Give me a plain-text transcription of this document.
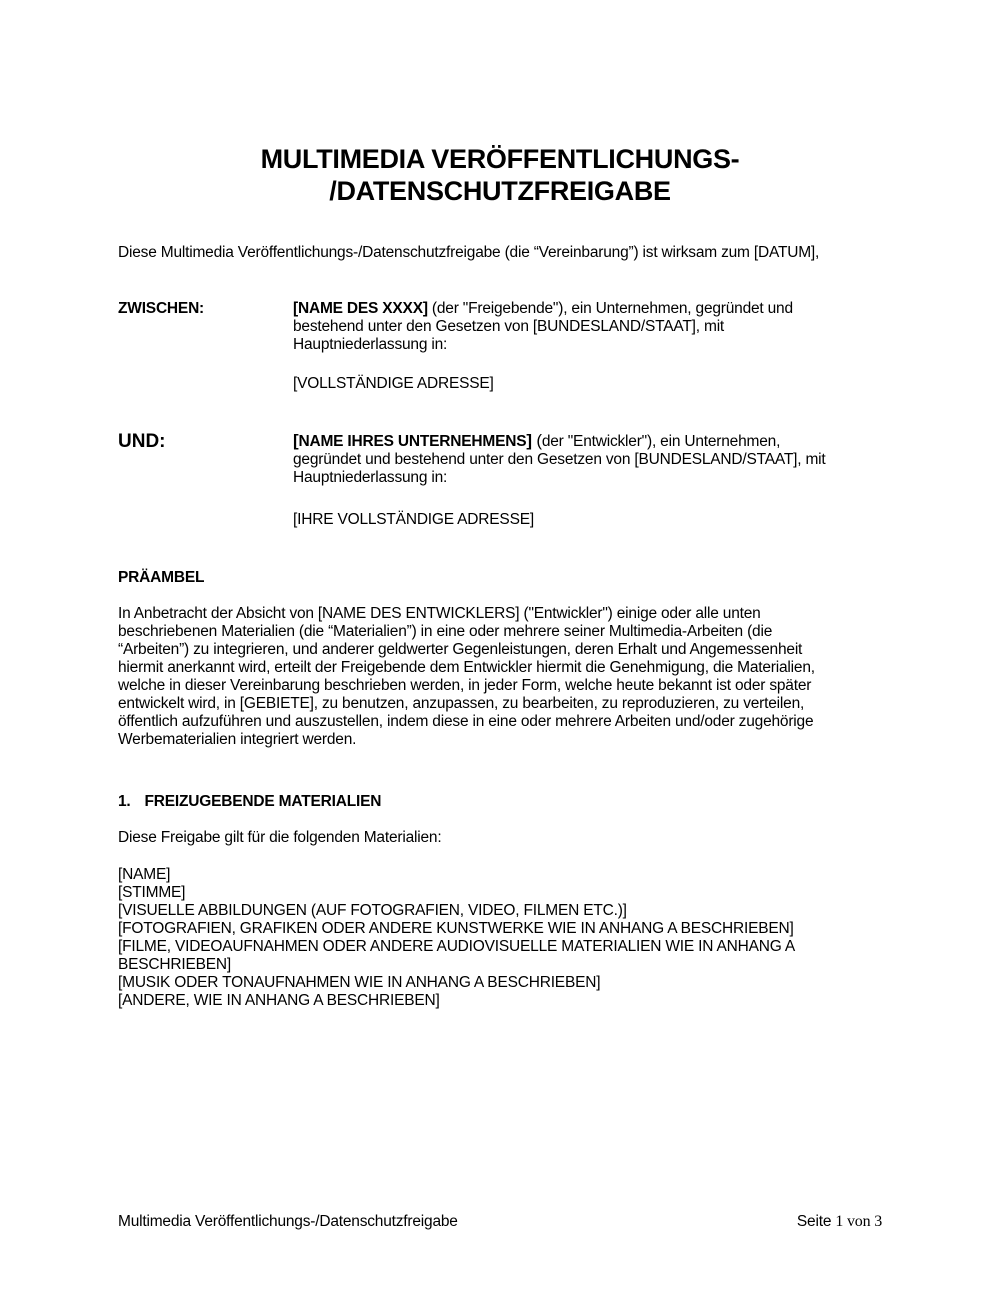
MULTIMEDIA VERÖFFENTLICHUNGS-
/DATENSCHUTZFREIGABE
Diese Multimedia Veröffentlichungs-/Datenschutzfreigabe (die “Vereinbarung”) ist wirksam zum [DATUM],
ZWISCHEN:	[NAME DES XXXX] (der "Freigebende"), ein Unternehmen, gegründet und
bestehend unter den Gesetzen von [BUNDESLAND/STAAT], mit
Hauptniederlassung in:
[VOLLSTÄNDIGE ADRESSE]
UND:	[NAME IHRES UNTERNEHMENS] (der "Entwickler"), ein Unternehmen,
gegründet und bestehend unter den Gesetzen von [BUNDESLAND/STAAT], mit
Hauptniederlassung in:
[IHRE VOLLSTÄNDIGE ADRESSE]
PRÄAMBEL
In Anbetracht der Absicht von [NAME DES ENTWICKLERS] ("Entwickler") einige oder alle unten
beschriebenen Materialien (die “Materialien”) in eine oder mehrere seiner Multimedia-Arbeiten (die
“Arbeiten”) zu integrieren, und anderer geldwerter Gegenleistungen, deren Erhalt und Angemessenheit
hiermit anerkannt wird, erteilt der Freigebende dem Entwickler hiermit die Genehmigung, die Materialien,
welche in dieser Vereinbarung beschrieben werden, in jeder Form, welche heute bekannt ist oder später
entwickelt wird, in [GEBIETE], zu benutzen, anzupassen, zu bearbeiten, zu reproduzieren, zu verteilen,
öffentlich aufzuführen und auszustellen, indem diese in eine oder mehrere Arbeiten und/oder zugehörige
Werbematerialien integriert werden.
1. FREIZUGEBENDE MATERIALIEN
Diese Freigabe gilt für die folgenden Materialien:
[NAME]
[STIMME]
[VISUELLE ABBILDUNGEN (AUF FOTOGRAFIEN, VIDEO, FILMEN ETC.)]
[FOTOGRAFIEN, GRAFIKEN ODER ANDERE KUNSTWERKE WIE IN ANHANG A BESCHRIEBEN]
[FILME, VIDEOAUFNAHMEN ODER ANDERE AUDIOVISUELLE MATERIALIEN WIE IN ANHANG A
BESCHRIEBEN]
[MUSIK ODER TONAUFNAHMEN WIE IN ANHANG A BESCHRIEBEN]
[ANDERE, WIE IN ANHANG A BESCHRIEBEN]
Multimedia Veröffentlichungs-/Datenschutzfreigabe	Seite 1 von 3
